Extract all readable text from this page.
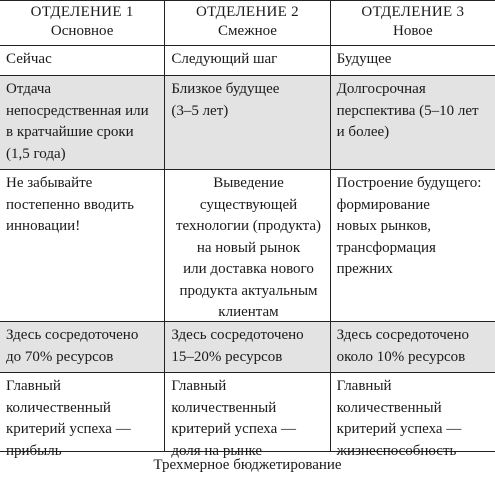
ОТДЕЛЕНИЕ 1
Основное
ОТДЕЛЕНИЕ 2
Смежное
ОТДЕЛЕНИЕ 3
Новое
Сейчас	Следующий шаг	Будущее
Отдача
непосредственная или
в кратчайшие сроки
(1,5 года)
Близкое будущее
(3–5 лет)
Долгосрочная
перспектива (5–10 лет
и более)
Не забывайте
постепенно вводить
инновации!
Выведение
существующей
технологии (продукта)
на новый рынок
или доставка нового
продукта актуальным
клиентам
Построение будущего:
формирование
новых рынков,
трансформация
прежних
Здесь сосредоточено
до 70% ресурсов
Здесь сосредоточено
15–20% ресурсов
Здесь сосредоточено
около 10% ресурсов
Главный
количественный
критерий успеха —
прибыль
Главный
количественный
критерий успеха —
доля на рынке
Главный
количественный
критерий успеха —
жизнеспособность
Трехмерное бюджетирование
